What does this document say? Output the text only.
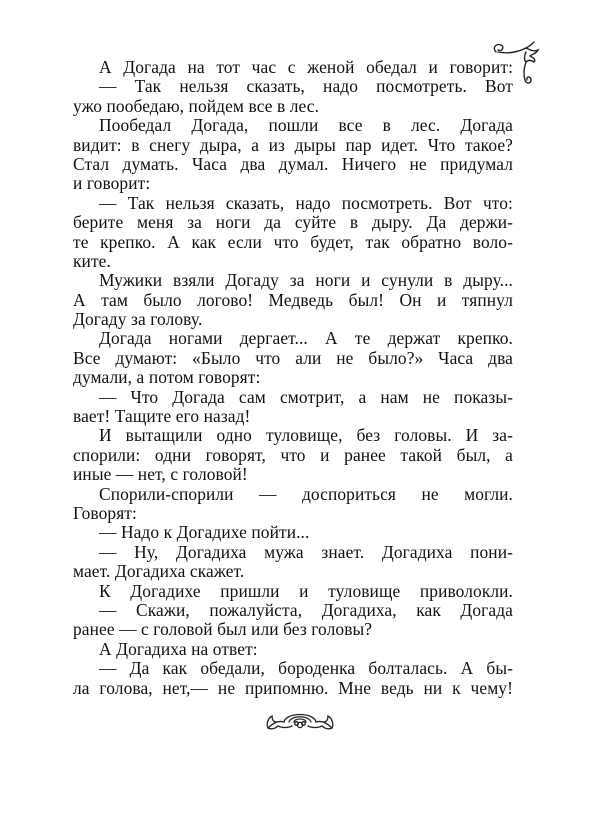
А Догада на тот час с женой обедал и говорит:
— Так нельзя сказать, надо посмотреть. Вот
ужо пообедаю, пойдем все в лес.
Пообедал Догада, пошли все в лес. Догада
видит: в снегу дыра, а из дыры пар идет. Что такое?
Стал думать. Часа два думал. Ничего не придумал
и говорит:
— Так нельзя сказать, надо посмотреть. Вот что:
берите меня за ноги да суйте в дыру. Да держи-
те крепко. А как если что будет, так обратно воло-
ките.
Мужики взяли Догаду за ноги и сунули в дыру...
А там было логово! Медведь был! Он и тяпнул
Догаду за голову.
Догада ногами дергает... А те держат крепко.
Все думают: «Было что али не было?» Часа два
думали, а потом говорят:
— Что Догада сам смотрит, а нам не показы-
вает! Тащите его назад!
И вытащили одно туловище, без головы. И за-
спорили: одни говорят, что и ранее такой был, а
иные — нет, с головой!
Спорили-спорили — доспориться не могли.
Говорят:
— Надо к Догадихе пойти...
— Ну, Догадиха мужа знает. Догадиха пони-
мает. Догадиха скажет.
К Догадихе пришли и туловище приволокли.
— Скажи, пожалуйста, Догадиха, как Догада
ранее — с головой был или без головы?
А Догадиха на ответ:
— Да как обедали, бороденка болталась. А бы-
ла голова, нет,— не припомню. Мне ведь ни к чему!
